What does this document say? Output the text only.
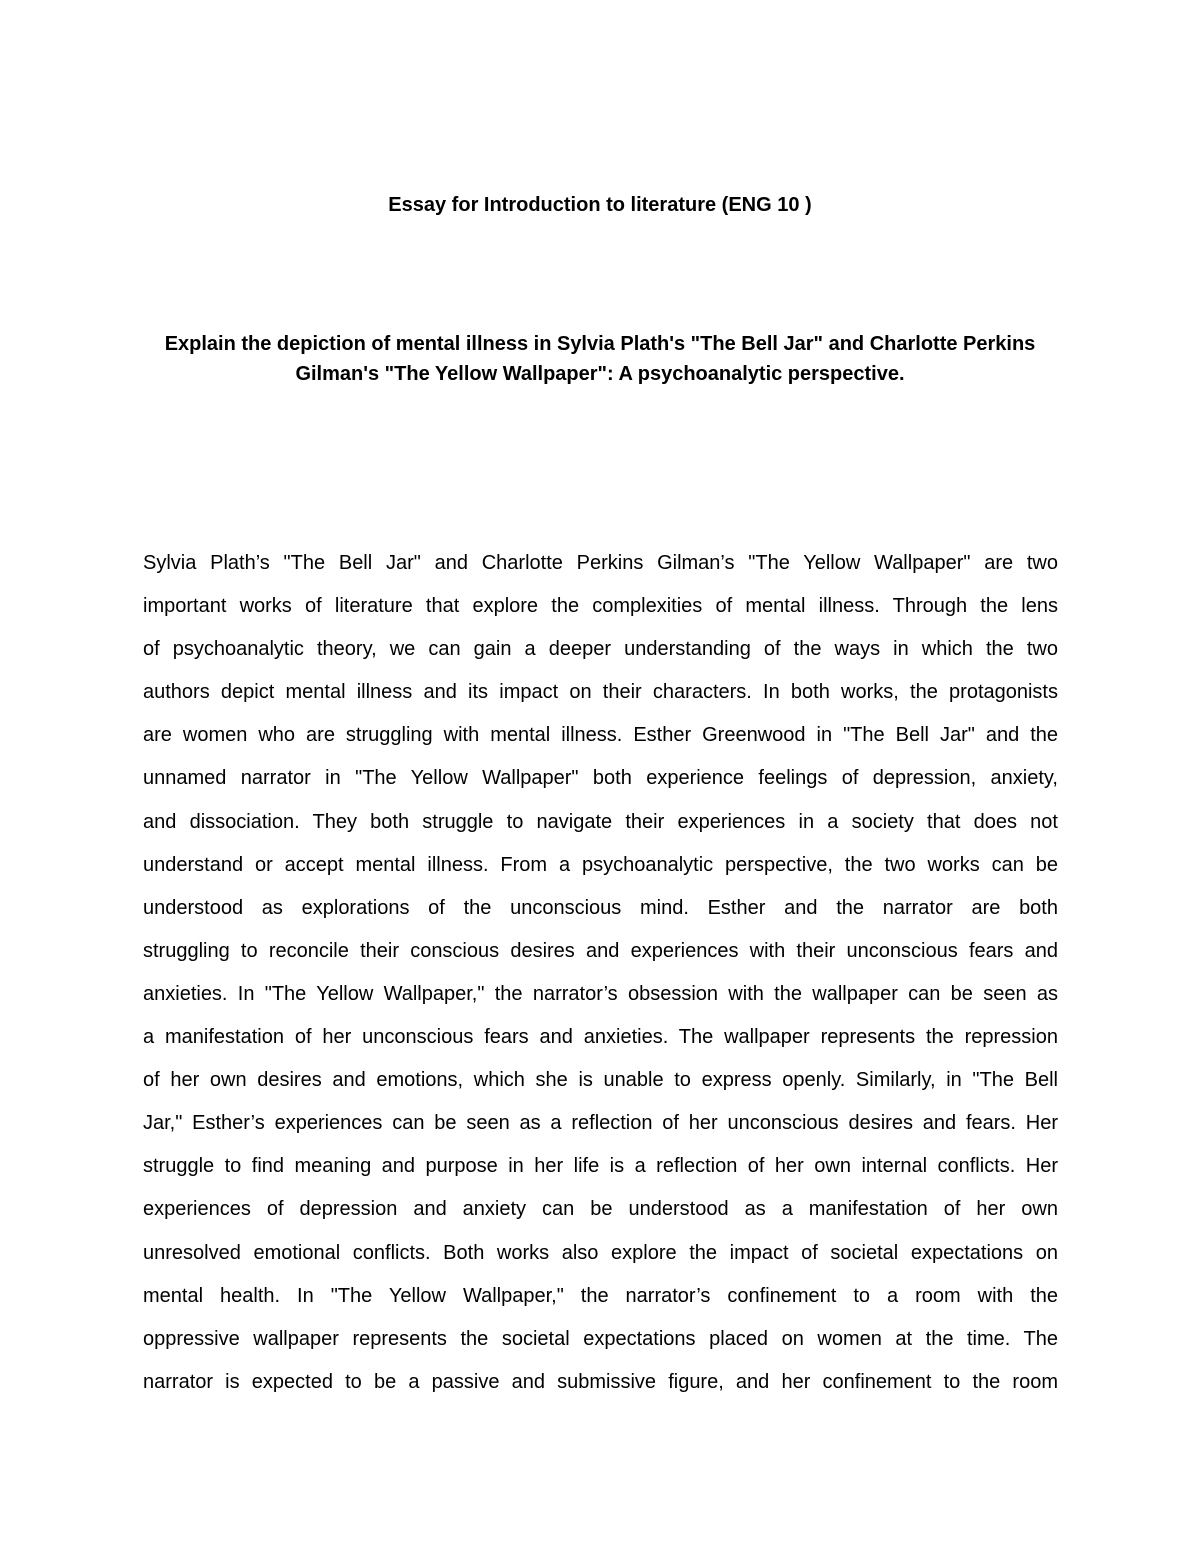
Essay for Introduction to literature (ENG 10 )
Explain the depiction of mental illness in Sylvia Plath's "The Bell Jar" and Charlotte Perkins
Gilman's "The Yellow Wallpaper": A psychoanalytic perspective.
Sylvia Plath’s "The Bell Jar" and Charlotte Perkins Gilman’s "The Yellow Wallpaper" are two
important works of literature that explore the complexities of mental illness. Through the lens
of psychoanalytic theory, we can gain a deeper understanding of the ways in which the two
authors depict mental illness and its impact on their characters. In both works, the protagonists
are women who are struggling with mental illness. Esther Greenwood in "The Bell Jar" and the
unnamed narrator in "The Yellow Wallpaper" both experience feelings of depression, anxiety,
and dissociation. They both struggle to navigate their experiences in a society that does not
understand or accept mental illness. From a psychoanalytic perspective, the two works can be
understood as explorations of the unconscious mind. Esther and the narrator are both
struggling to reconcile their conscious desires and experiences with their unconscious fears and
anxieties. In "The Yellow Wallpaper," the narrator’s obsession with the wallpaper can be seen as
a manifestation of her unconscious fears and anxieties. The wallpaper represents the repression
of her own desires and emotions, which she is unable to express openly. Similarly, in "The Bell
Jar," Esther’s experiences can be seen as a reflection of her unconscious desires and fears. Her
struggle to find meaning and purpose in her life is a reflection of her own internal conflicts. Her
experiences of depression and anxiety can be understood as a manifestation of her own
unresolved emotional conflicts. Both works also explore the impact of societal expectations on
mental health. In "The Yellow Wallpaper," the narrator’s confinement to a room with the
oppressive wallpaper represents the societal expectations placed on women at the time. The
narrator is expected to be a passive and submissive figure, and her confinement to the room
